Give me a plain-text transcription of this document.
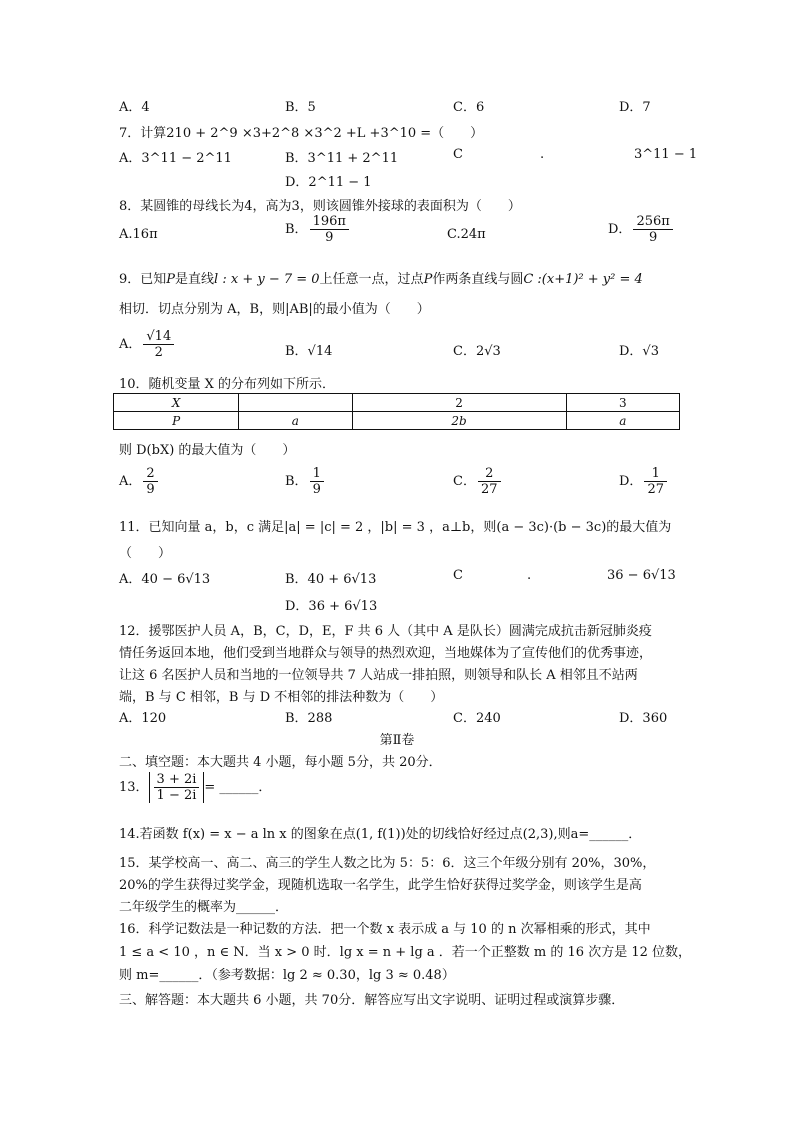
A．4	B．5	C．6	D．7
7．计算210 + 2^9 ×3+2^8 ×3^2 +L +3^10 =（　　）
A．3^11 − 2^11	B．3^11 + 2^11	C	.	3^11 − 1
D．2^11 − 1
8．某圆锥的母线长为4，高为3，则该圆锥外接球的表面积为（　　）
A.16π	B． $\frac{196\pi}{9}$	C.24π	D． $\frac{256\pi}{9}$
9．已知P是直线l : x + y − 7 = 0上任意一点，过点P作两条直线与圆C :(x+1)² + y² = 4
相切．切点分别为 A，B，则|AB|的最小值为（　　）
A． $\frac{√14}{2}$	B．√14	C．2√3	D．√3
10．随机变量 X 的分布列如下所示．
X	1	2	3
P	a	2b	a
则 D(bX) 的最大值为（　　）
A． $\frac{2}{9}$	B． $\frac{1}{9}$	C． $\frac{2}{27}$	D． $\frac{1}{27}$
11．已知向量 a，b，c 满足|a| = |c| = 2 ，|b| = 3 ，a⊥b，则(a − 3c)·(b − 3c)的最大值为
（　　）
A．40 − 6√13	B．40 + 6√13	C	.	36 − 6√13
D．36 + 6√13
12．援鄂医护人员 A，B，C，D，E，F 共 6 人（其中 A 是队长）圆满完成抗击新冠肺炎疫
情任务返回本地，他们受到当地群众与领导的热烈欢迎，当地媒体为了宣传他们的优秀事迹，
让这 6 名医护人员和当地的一位领导共 7 人站成一排拍照，则领导和队长 A 相邻且不站两
端，B 与 C 相邻，B 与 D 不相邻的排法种数为（　　）
A．120	B．288	C．240	D．360
第Ⅱ卷
二、填空题：本大题共 4 小题，每小题 5分，共 20分．
13． $\frac{3 + 2i}{1 - 2i}$ = ______．
14.若函数 f(x) = x − a ln x 的图象在点(1, f(1))处的切线恰好经过点(2,3),则a=______．
15．某学校高一、高二、高三的学生人数之比为 5：5：6．这三个年级分别有 20%，30%，
20%的学生获得过奖学金，现随机选取一名学生，此学生恰好获得过奖学金，则该学生是高
二年级学生的概率为______．
16．科学记数法是一种记数的方法．把一个数 x 表示成 a 与 10 的 n 次幂相乘的形式，其中
1 ≤ a < 10 ，n ∈ N．当 x > 0 时．lg x = n + lg a ．若一个正整数 m 的 16 次方是 12 位数，
则 m=______．（参考数据：lg 2 ≈ 0.30，lg 3 ≈ 0.48）
三、解答题：本大题共 6 小题，共 70分．解答应写出文字说明、证明过程或演算步骤．
